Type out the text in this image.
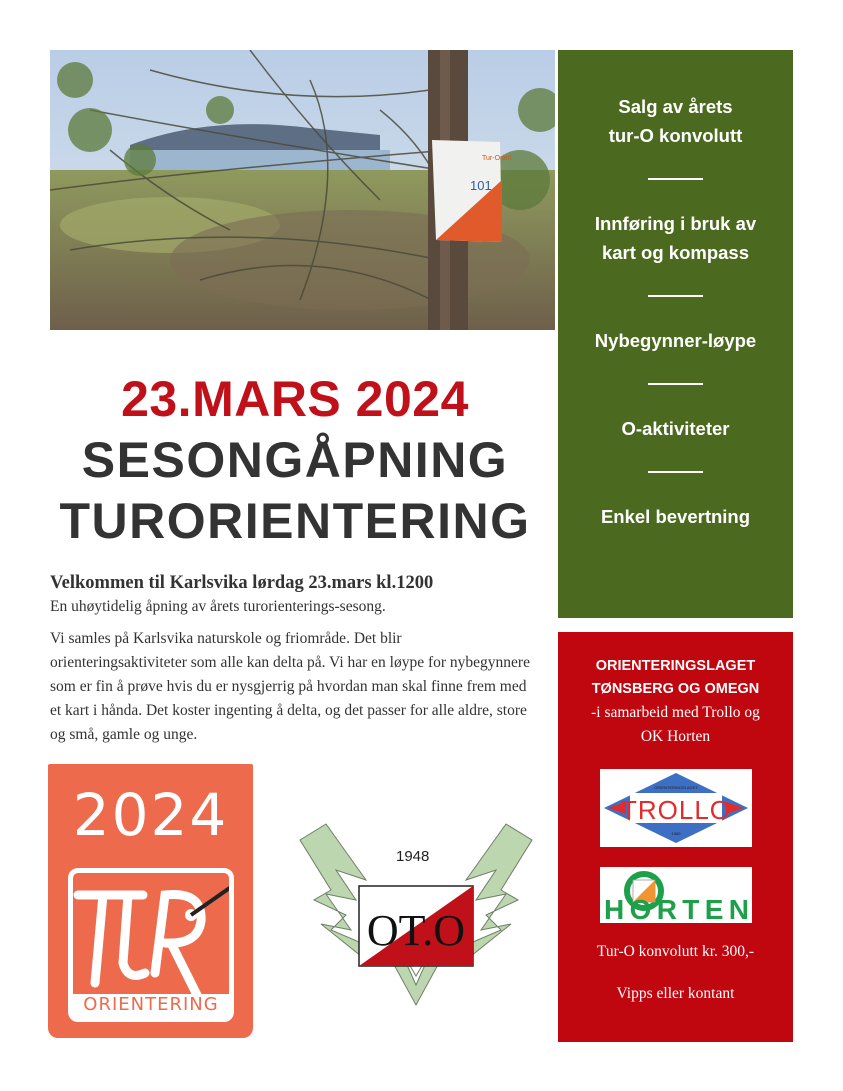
Tur-Orien
101
Salg av årets
tur-O konvolutt
Innføring i bruk av
kart og kompass
Nybegynner-løype
O-aktiviteter
Enkel bevertning
23.MARS 2024
SESONGÅPNING
TURORIENTERING
Velkommen til Karlsvika lørdag 23.mars kl.1200
En uhøytidelig åpning av årets turorienterings-sesong.
Vi samles på Karlsvika naturskole og friområde. Det blir orienteringsaktiviteter som alle kan delta på. Vi har en løype for nybegynnere som er fin å prøve hvis du er nysgjerrig på hvordan man skal finne frem med et kart i hånda. Det koster ingenting å delta, og det passer for alle aldre, store og små, gamle og unge.
ORIENTERINGSLAGET
TØNSBERG OG OMEGN
-i samarbeid med Trollo og
OK Horten
ORIENTERINGSLAGET
TROLLO
1969
HORTEN
Tur-O konvolutt kr. 300,-
Vipps eller kontant
2024
ORIENTERING
OT.O
1948
